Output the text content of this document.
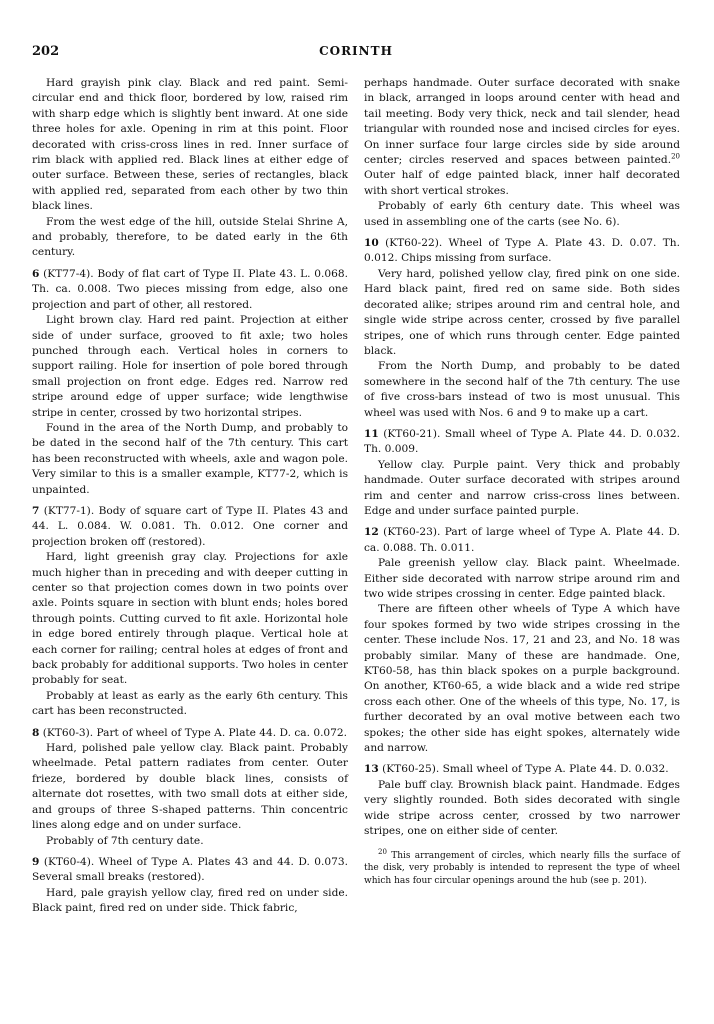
202	CORINTH

Hard grayish pink clay. Black and red paint. Semi-circular end and thick floor, bordered by low, raised rim with sharp edge which is slightly bent inward. At one side three holes for axle. Opening in rim at this point. Floor decorated with criss-cross lines in red. Inner surface of rim black with applied red. Black lines at either edge of outer surface. Between these, series of rectangles, black with applied red, separated from each other by two thin black lines.

From the west edge of the hill, outside Stelai Shrine A, and probably, therefore, to be dated early in the 6th century.

6 (KT77-4). Body of flat cart of Type II. Plate 43. L. 0.068. Th. ca. 0.008. Two pieces missing from edge, also one projection and part of other, all restored.

Light brown clay. Hard red paint. Projection at either side of under surface, grooved to fit axle; two holes punched through each. Vertical holes in corners to support railing. Hole for insertion of pole bored through small projection on front edge. Edges red. Narrow red stripe around edge of upper surface; wide lengthwise stripe in center, crossed by two horizontal stripes.

Found in the area of the North Dump, and probably to be dated in the second half of the 7th century. This cart has been reconstructed with wheels, axle and wagon pole. Very similar to this is a smaller example, KT77-2, which is unpainted.

7 (KT77-1). Body of square cart of Type II. Plates 43 and 44. L. 0.084. W. 0.081. Th. 0.012. One corner and projection broken off (restored).

Hard, light greenish gray clay. Projections for axle much higher than in preceding and with deeper cutting in center so that projection comes down in two points over axle. Points square in section with blunt ends; holes bored through points. Cutting curved to fit axle. Horizontal hole in edge bored entirely through plaque. Vertical hole at each corner for railing; central holes at edges of front and back probably for additional supports. Two holes in center probably for seat.

Probably at least as early as the early 6th century. This cart has been reconstructed.

8 (KT60-3). Part of wheel of Type A. Plate 44. D. ca. 0.072.

Hard, polished pale yellow clay. Black paint. Probably wheelmade. Petal pattern radiates from center. Outer frieze, bordered by double black lines, consists of alternate dot rosettes, with two small dots at either side, and groups of three S-shaped patterns. Thin concentric lines along edge and on under surface.

Probably of 7th century date.

9 (KT60-4). Wheel of Type A. Plates 43 and 44. D. 0.073. Several small breaks (restored).

Hard, pale grayish yellow clay, fired red on under side. Black paint, fired red on under side. Thick fabric,

perhaps handmade. Outer surface decorated with snake in black, arranged in loops around center with head and tail meeting. Body very thick, neck and tail slender, head triangular with rounded nose and incised circles for eyes. On inner surface four large circles side by side around center; circles reserved and spaces between painted.$^{20}$ Outer half of edge painted black, inner half decorated with short vertical strokes.

Probably of early 6th century date. This wheel was used in assembling one of the carts (see No. 6).

10 (KT60-22). Wheel of Type A. Plate 43. D. 0.07. Th. 0.012. Chips missing from surface.

Very hard, polished yellow clay, fired pink on one side. Hard black paint, fired red on same side. Both sides decorated alike; stripes around rim and central hole, and single wide stripe across center, crossed by five parallel stripes, one of which runs through center. Edge painted black.

From the North Dump, and probably to be dated somewhere in the second half of the 7th century. The use of five cross-bars instead of two is most unusual. This wheel was used with Nos. 6 and 9 to make up a cart.

11 (KT60-21). Small wheel of Type A. Plate 44. D. 0.032. Th. 0.009.

Yellow clay. Purple paint. Very thick and probably handmade. Outer surface decorated with stripes around rim and center and narrow criss-cross lines between. Edge and under surface painted purple.

12 (KT60-23). Part of large wheel of Type A. Plate 44. D. ca. 0.088. Th. 0.011.

Pale greenish yellow clay. Black paint. Wheelmade. Either side decorated with narrow stripe around rim and two wide stripes crossing in center. Edge painted black.

There are fifteen other wheels of Type A which have four spokes formed by two wide stripes crossing in the center. These include Nos. 17, 21 and 23, and No. 18 was probably similar. Many of these are handmade. One, KT60-58, has thin black spokes on a purple background. On another, KT60-65, a wide black and a wide red stripe cross each other. One of the wheels of this type, No. 17, is further decorated by an oval motive between each two spokes; the other side has eight spokes, alternately wide and narrow.

13 (KT60-25). Small wheel of Type A. Plate 44. D. 0.032.

Pale buff clay. Brownish black paint. Handmade. Edges very slightly rounded. Both sides decorated with single wide stripe across center, crossed by two narrower stripes, one on either side of center.

$^{20}$ This arrangement of circles, which nearly fills the surface of the disk, very probably is intended to represent the type of wheel which has four circular openings around the hub (see p. 201).
